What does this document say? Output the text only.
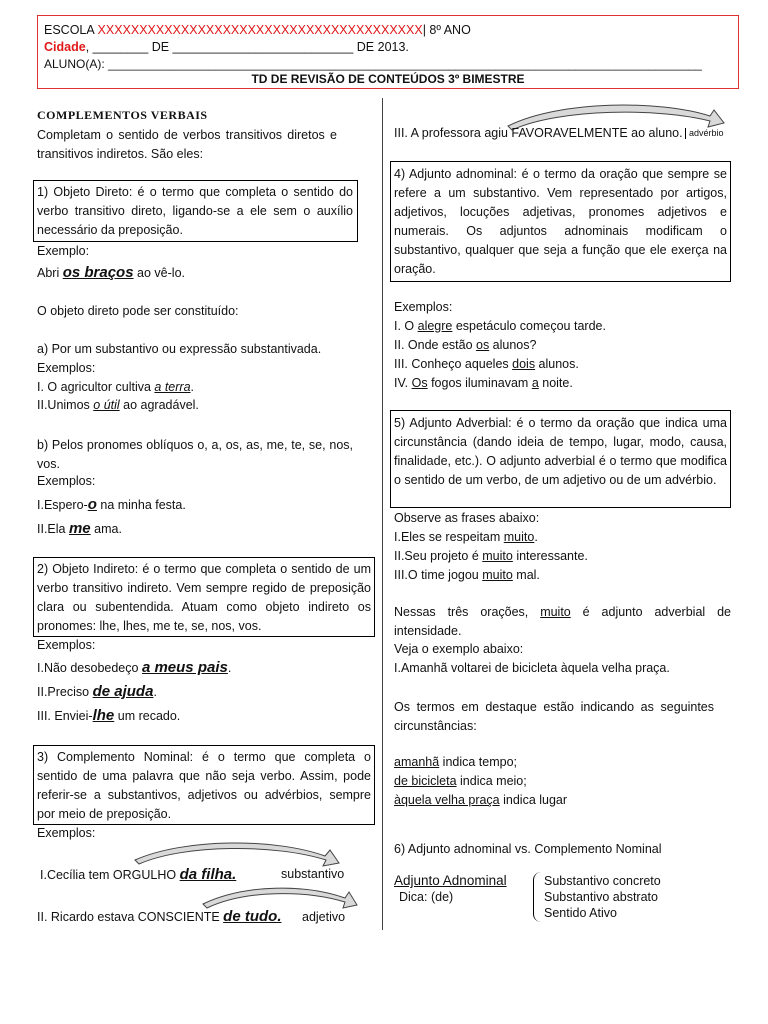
ESCOLA XXXXXXXXXXXXXXXXXXXXXXXXXXXXXXXXXXXXXXX| 8º ANO
Cidade, ________ DE __________________________ DE 2013.
ALUNO(A): _________________________________________________________________________________________
TD DE REVISÃO DE CONTEÚDOS 3º BIMESTRE
COMPLEMENTOS VERBAIS
Completam o sentido de verbos transitivos diretos e transitivos indiretos. São eles:
1) Objeto Direto: é o termo que completa o sentido do verbo transitivo direto, ligando-se a ele sem o auxílio necessário da preposição.
Exemplo:
Abri os braços ao vê-lo.
O objeto direto pode ser constituído:
a) Por um substantivo ou expressão substantivada.
Exemplos:
I. O agricultor cultiva a terra.
II.Unimos o útil ao agradável.
b) Pelos pronomes oblíquos o, a, os, as, me, te, se, nos, vos.
Exemplos:
I.Espero-o na minha festa.
II.Ela me ama.
2) Objeto Indireto: é o termo que completa o sentido de um verbo transitivo indireto. Vem sempre regido de preposição clara ou subentendida. Atuam como objeto indireto os pronomes: lhe, lhes, me te, se, nos, vos.
Exemplos:
I.Não desobedeço a meus pais.
II.Preciso de ajuda.
III. Enviei-lhe um recado.
3) Complemento Nominal: é o termo que completa o sentido de uma palavra que não seja verbo. Assim, pode referir-se a substantivos, adjetivos ou advérbios, sempre por meio de preposição.
Exemplos:
I.Cecília tem ORGULHO da filha.	substantivo
II. Ricardo estava CONSCIENTE de tudo. adjetivo
III. A professora agiu FAVORAVELMENTE ao aluno. advérbio
4) Adjunto adnominal: é o termo da oração que sempre se refere a um substantivo. Vem representado por artigos, adjetivos, locuções adjetivas, pronomes adjetivos e numerais. Os adjuntos adnominais modificam o substantivo, qualquer que seja a função que ele exerça na oração.
Exemplos:
I. O alegre espetáculo começou tarde.
II. Onde estão os alunos?
III. Conheço aqueles dois alunos.
IV. Os fogos iluminavam a noite.
5) Adjunto Adverbial: é o termo da oração que indica uma circunstância (dando ideia de tempo, lugar, modo, causa, finalidade, etc.). O adjunto adverbial é o termo que modifica o sentido de um verbo, de um adjetivo ou de um advérbio.
Observe as frases abaixo:
I.Eles se respeitam muito.
II.Seu projeto é muito interessante.
III.O time jogou muito mal.
Nessas três orações, muito é adjunto adverbial de intensidade.
Veja o exemplo abaixo:
I.Amanhã voltarei de bicicleta àquela velha praça.
Os termos em destaque estão indicando as seguintes circunstâncias:
amanhã indica tempo;
de bicicleta indica meio;
àquela velha praça indica lugar
6) Adjunto adnominal vs. Complemento Nominal
Adjunto Adnominal
Dica: (de)
Substantivo concreto
Substantivo abstrato
Sentido Ativo
